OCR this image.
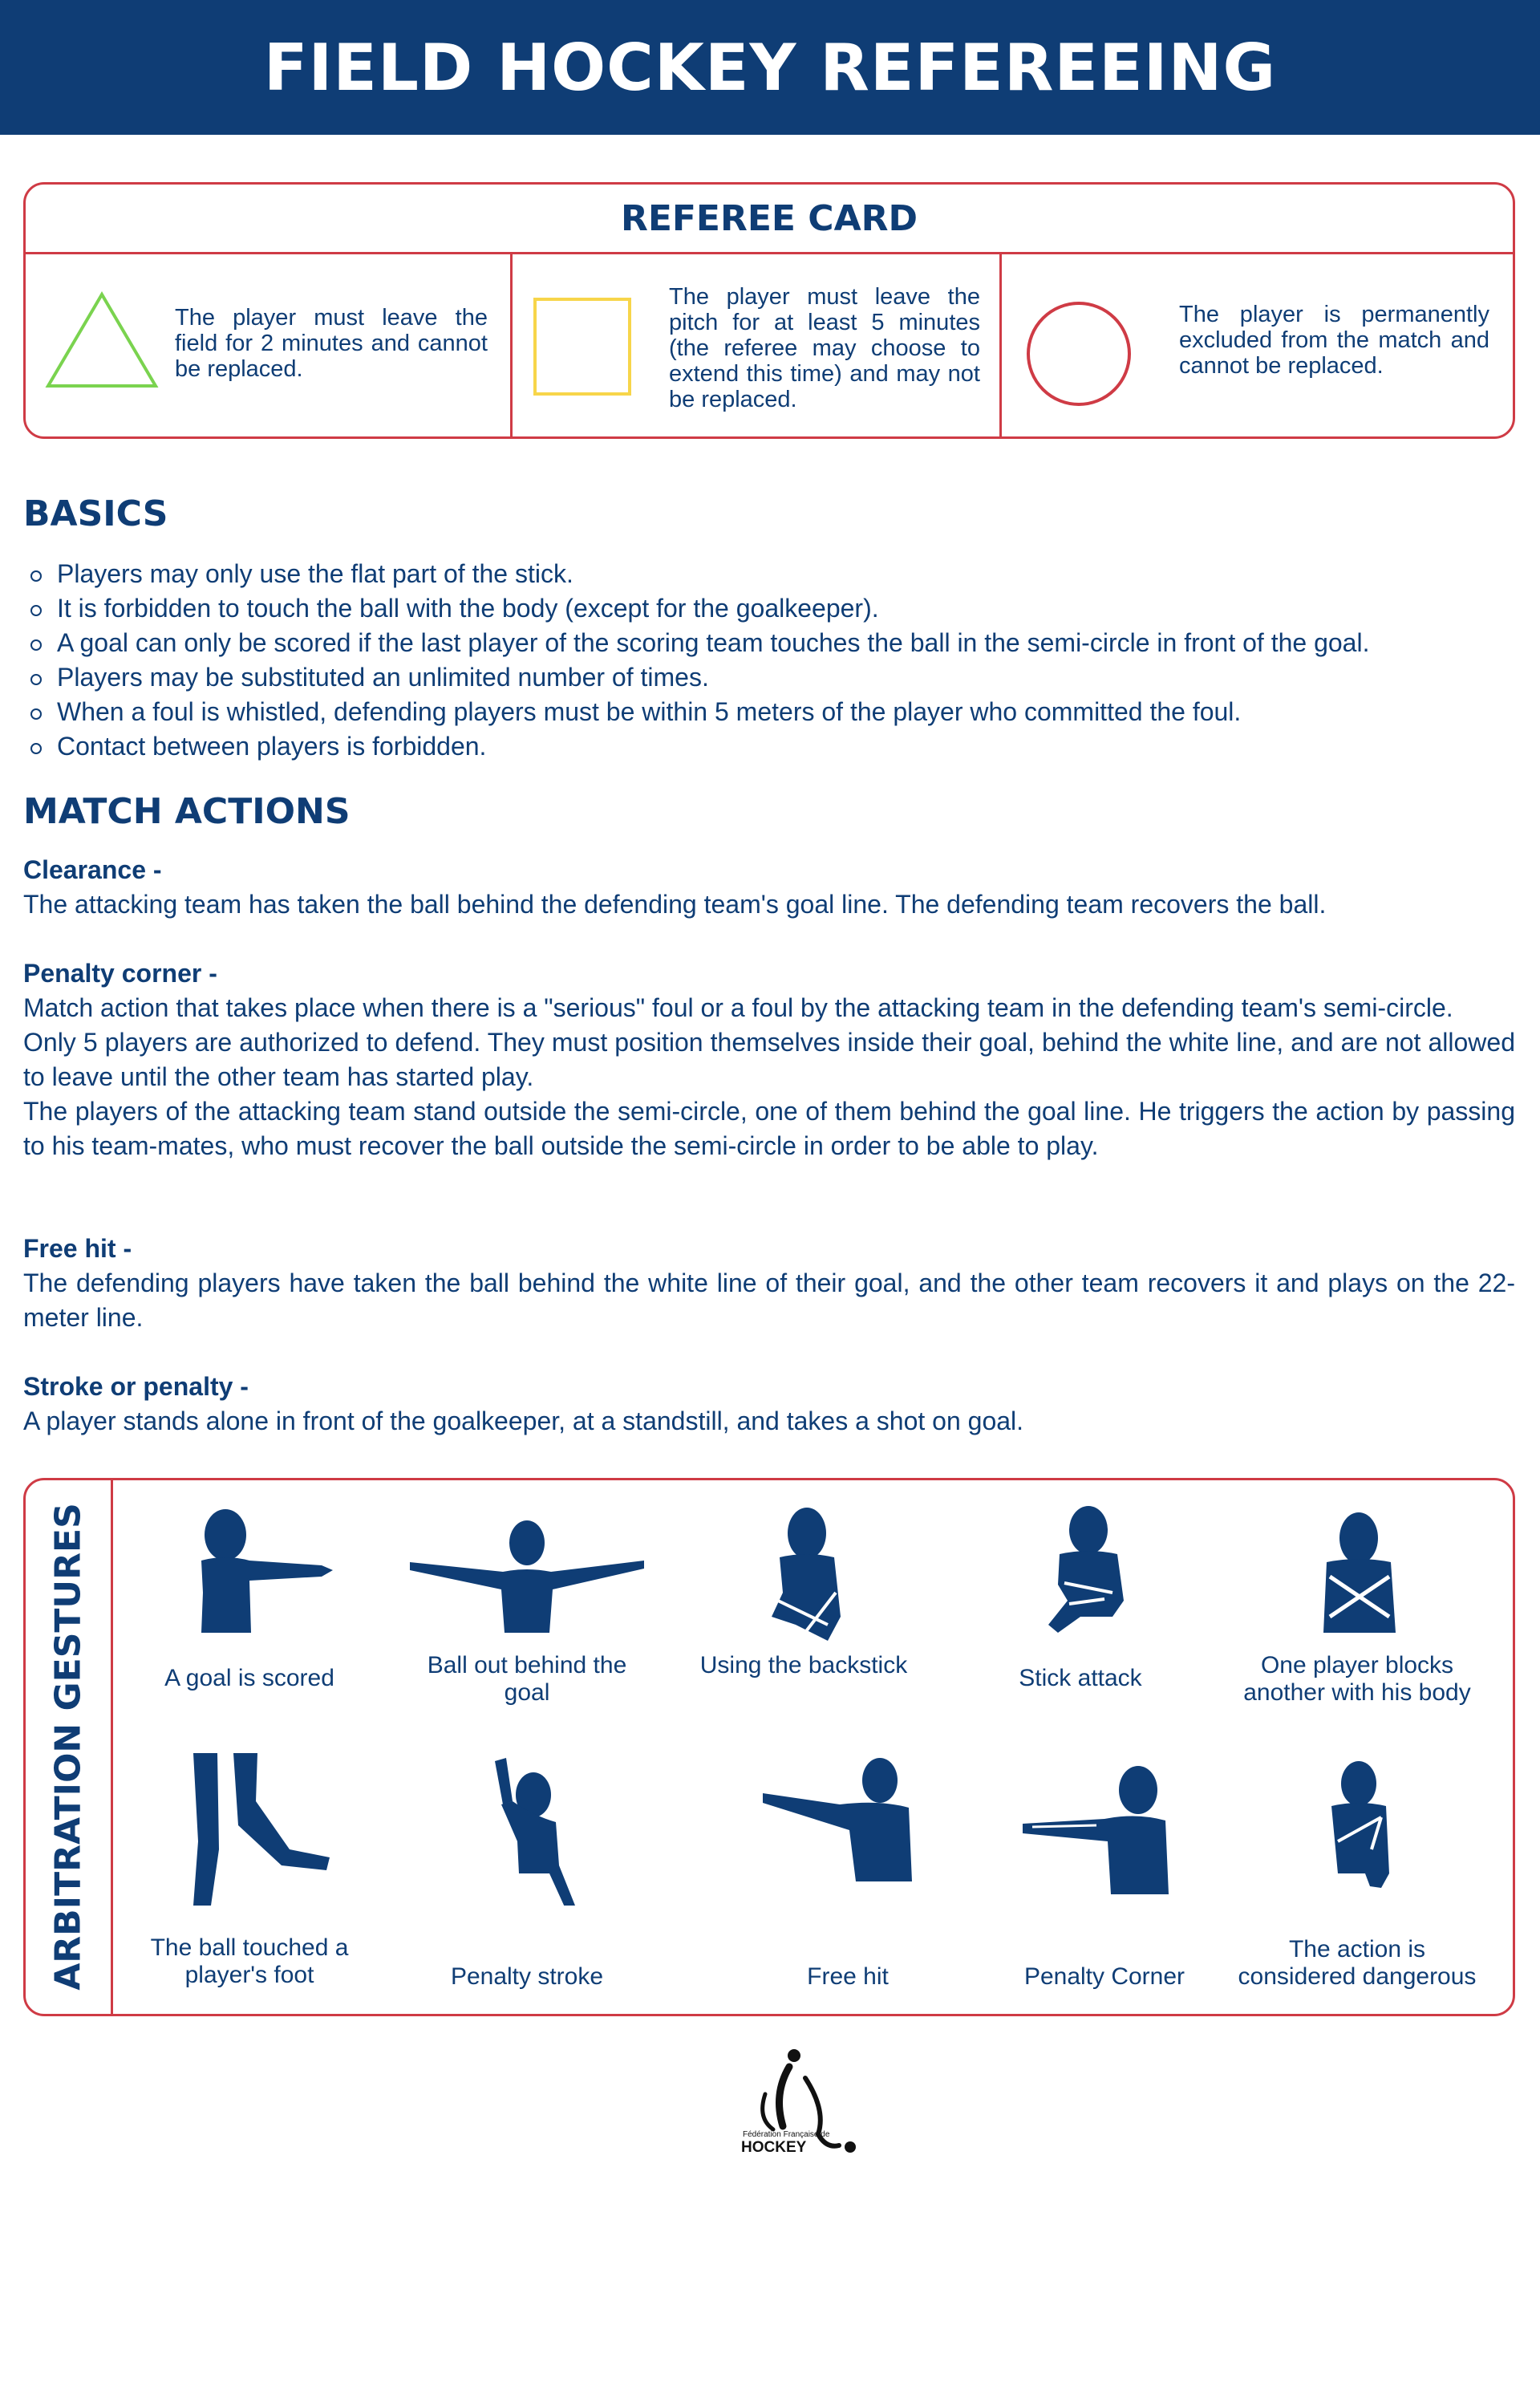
FIELD HOCKEY REFEREEING
REFEREE CARD
The player must leave the field for 2 minutes and cannot be replaced.
The player must leave the pitch for at least 5 minutes (the referee may choose to extend this time) and may not be replaced.
The player is permanently excluded from the match and cannot be replaced.
BASICS
Players may only use the flat part of the stick.
It is forbidden to touch the ball with the body (except for the goalkeeper).
A goal can only be scored if the last player of the scoring team touches the ball in the semi-circle in front of the goal.
Players may be substituted an unlimited number of times.
When a foul is whistled, defending players must be within 5 meters of the player who committed the foul.
Contact between players is forbidden.
MATCH ACTIONS
Clearance -

The attacking team has taken the ball behind the defending team's goal line. The defending team recovers the ball.

Penalty corner -

Match action that takes place when there is a "serious" foul or a foul by the attacking team in the defending team's semi-circle.
Only 5 players are authorized to defend. They must position themselves inside their goal, behind the white line, and are not allowed to leave until the other team has started play.
The players of the attacking team stand outside the semi-circle, one of them behind the goal line. He triggers the action by passing to his team-mates, who must recover the ball outside the semi-circle in order to be able to play.

Free hit -

The defending players have taken the ball behind the white line of their goal, and the other team recovers it and plays on the 22-meter line.

Stroke or penalty -

A player stands alone in front of the goalkeeper, at a standstill, and takes a shot on goal.

ARBITRATION GESTURES	A goal is scored	Ball out behind the goal
Using the backstick	Stick attack	One player blocks another with his body
The ball touched a player's foot	Penalty stroke	Free hit	Penalty Corner
The action is considered dangerous
Fédération Française de
HOCKEY
